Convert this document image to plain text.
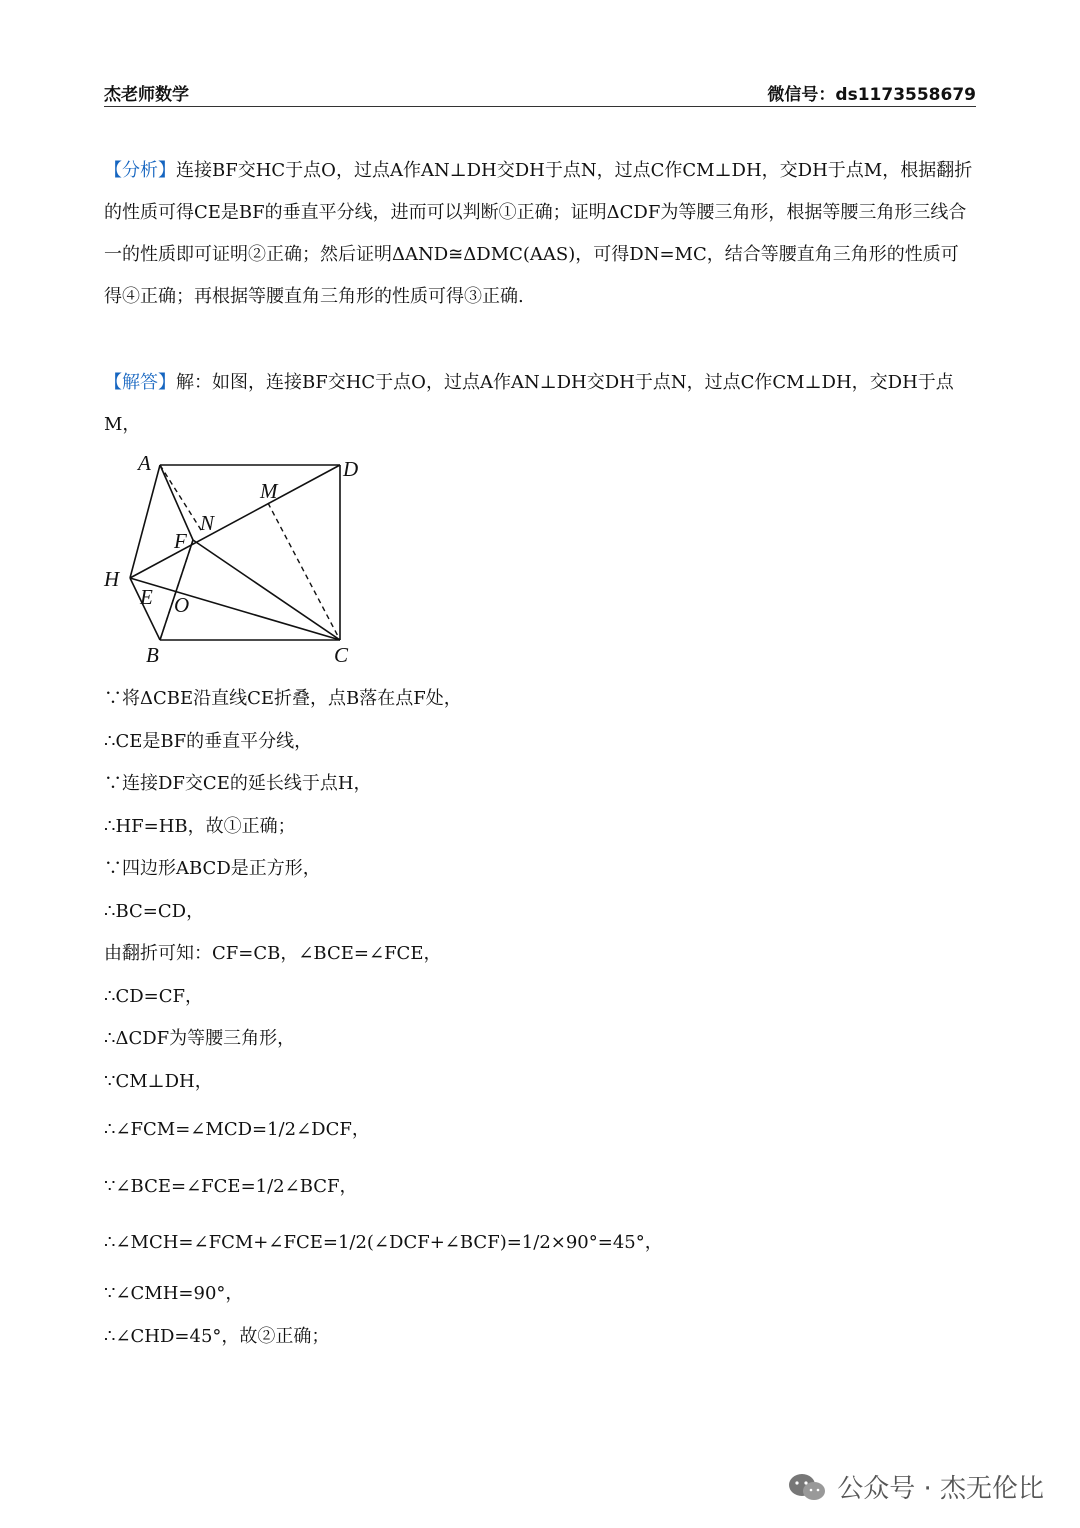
杰老师数学	微信号：ds1173558679
【分析】连接BF交HC于点O，过点A作AN⊥DH交DH于点N，过点C作CM⊥DH，交DH于点M，根据翻折的性质可得CE是BF的垂直平分线，进而可以判断①正确；证明ΔCDF为等腰三角形，根据等腰三角形三线合一的性质即可证明②正确；然后证明ΔAND≅ΔDMC(AAS)，可得DN=MC，结合等腰直角三角形的性质可得④正确；再根据等腰直角三角形的性质可得③正确.
【解答】解：如图，连接BF交HC于点O，过点A作AN⊥DH交DH于点N，过点C作CM⊥DH，交DH于点M，
A	D
M
N
F
H
E O
B	C
∵将ΔCBE沿直线CE折叠，点B落在点F处，
∴CE是BF的垂直平分线，
∵连接DF交CE的延长线于点H，
∴HF=HB，故①正确；
∵四边形ABCD是正方形，
∴BC=CD，
由翻折可知：CF=CB，∠BCE=∠FCE，
∴CD=CF，
∴ΔCDF为等腰三角形，
∵CM⊥DH，
∴∠FCM=∠MCD=1/2∠DCF，
∵∠BCE=∠FCE=1/2∠BCF，
∴∠MCH=∠FCM+∠FCE=1/2(∠DCF+∠BCF)=1/2×90°=45°，
∵∠CMH=90°，
∴∠CHD=45°，故②正确；
公众号 · 杰无伦比
